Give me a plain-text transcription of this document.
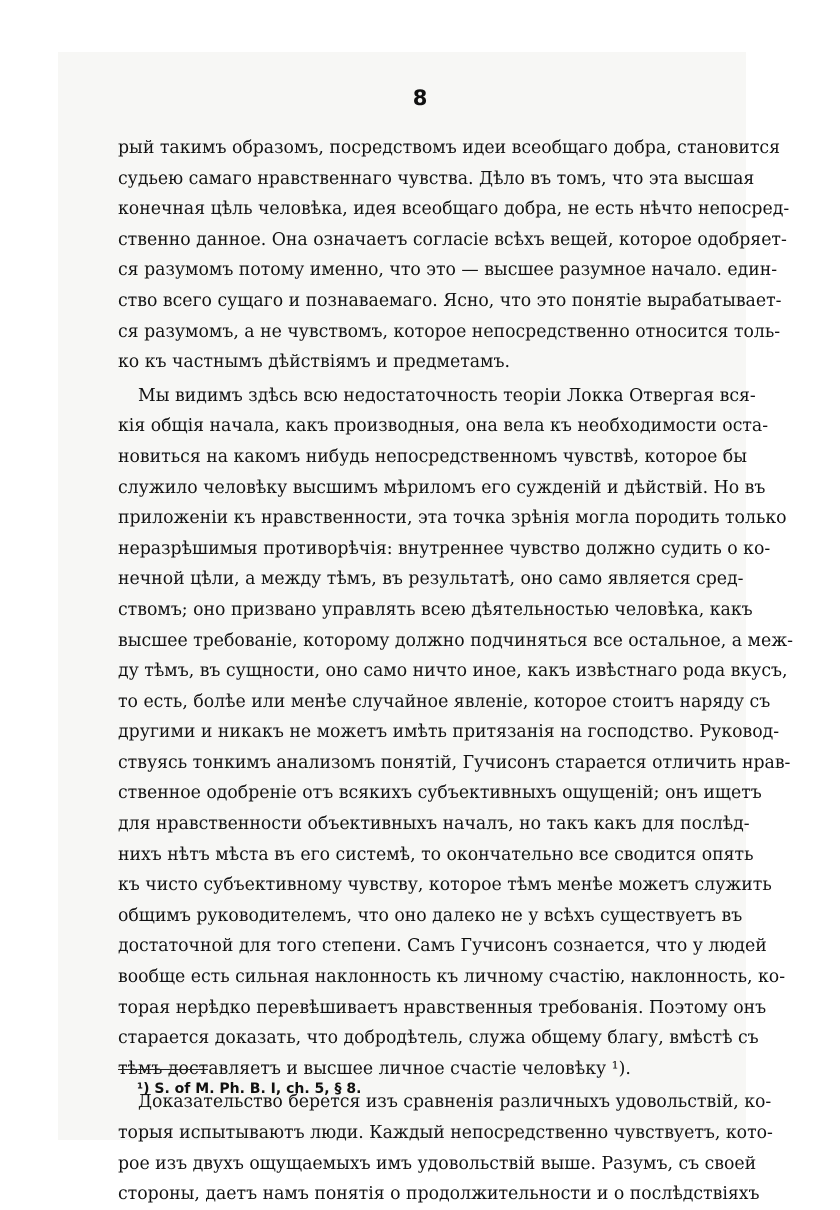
8
рый такимъ образомъ, посредствомъ идеи всеобщаго добра, становится
судьею самаго нравственнаго чувства. Дѣло въ томъ, что эта высшая
конечная цѣль человѣка, идея всеобщаго добра, не есть нѣчто непосред-
ственно данное. Она означаетъ согласіе всѣхъ вещей, которое одобряет-
ся разумомъ потому именно, что это — высшее разумное начало. един-
ство всего сущаго и познаваемаго. Ясно, что это понятіе вырабатывает-
ся разумомъ, а не чувствомъ, которое непосредственно относится толь-
ко къ частнымъ дѣйствіямъ и предметамъ.
Мы видимъ здѣсь всю недостаточность теоріи Локка Отвергая вся-
кія общія начала, какъ производныя, она вела къ необходимости оста-
новиться на какомъ нибудь непосредственномъ чувствѣ, которое бы
служило человѣку высшимъ мѣриломъ его сужденій и дѣйствій. Но въ
приложеніи къ нравственности, эта точка зрѣнія могла породить только
неразрѣшимыя противорѣчія: внутреннее чувство должно судить о ко-
нечной цѣли, а между тѣмъ, въ результатѣ, оно само является сред-
ствомъ; оно призвано управлять всею дѣятельностью человѣка, какъ
высшее требованіе, которому должно подчиняться все остальное, а меж-
ду тѣмъ, въ сущности, оно само ничто иное, какъ извѣстнаго рода вкусъ,
то есть, болѣе или менѣе случайное явленіе, которое стоитъ наряду съ
другими и никакъ не можетъ имѣть притязанія на господство. Руковод-
ствуясь тонкимъ анализомъ понятій, Гучисонъ старается отличить нрав-
ственное одобреніе отъ всякихъ субъективныхъ ощущеній; онъ ищетъ
для нравственности объективныхъ началъ, но такъ какъ для послѣд-
нихъ нѣтъ мѣста въ его системѣ, то окончательно все сводится опять
къ чисто субъективному чувству, которое тѣмъ менѣе можетъ служить
общимъ руководителемъ, что оно далеко не у всѣхъ существуетъ въ
достаточной для того степени. Самъ Гучисонъ сознается, что у людей
вообще есть сильная наклонность къ личному счастію, наклонность, ко-
торая нерѣдко перевѣшиваетъ нравственныя требованія. Поэтому онъ
старается доказать, что добродѣтель, служа общему благу, вмѣстѣ съ
тѣмъ доставляетъ и высшее личное счастіе человѣку ¹).
Доказательство берется изъ сравненія различныхъ удовольствій, ко-
торыя испытываютъ люди. Каждый непосредственно чувствуетъ, кото-
рое изъ двухъ ощущаемыхъ имъ удовольствій выше. Разумъ, съ своей
стороны, даетъ намъ понятія о продолжительности и о послѣдствіяхъ
¹) S. of M. Ph. B. I, ch. 5, § 8.
